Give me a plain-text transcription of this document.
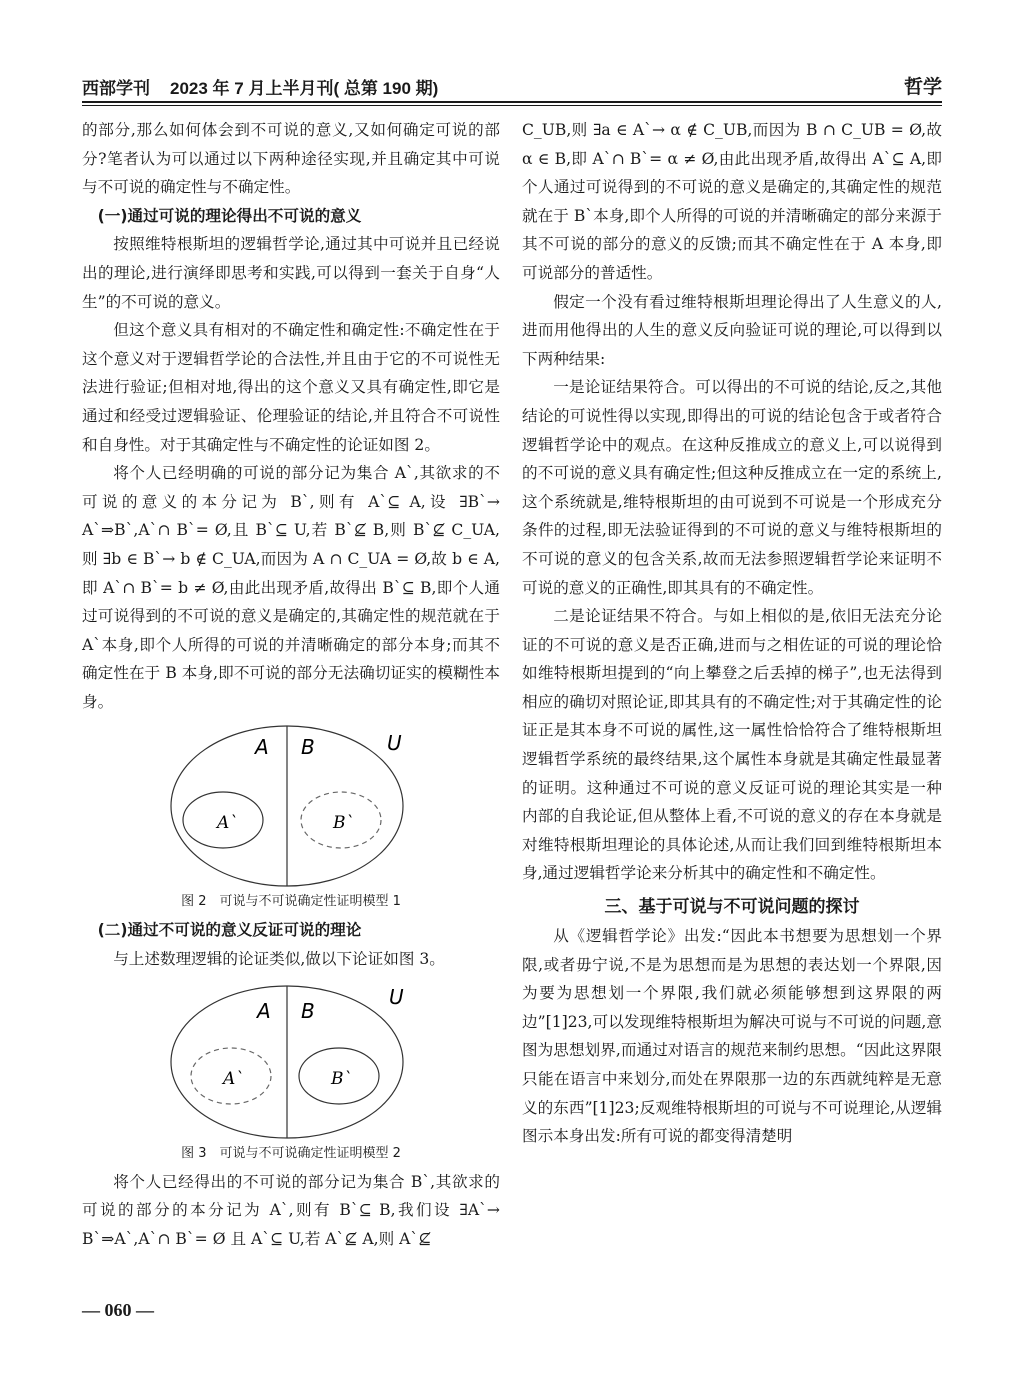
西部学刊 2023 年 7 月上半月刊( 总第 190 期)	哲学

的部分,那么如何体会到不可说的意义,又如何确定可说的部分?笔者认为可以通过以下两种途径实现,并且确定其中可说与不可说的确定性与不确定性。

(一)通过可说的理论得出不可说的意义

按照维特根斯坦的逻辑哲学论,通过其中可说并且已经说出的理论,进行演绎即思考和实践,可以得到一套关于自身“人生”的不可说的意义。

但这个意义具有相对的不确定性和确定性:不确定性在于这个意义对于逻辑哲学论的合法性,并且由于它的不可说性无法进行验证;但相对地,得出的这个意义又具有确定性,即它是通过和经受过逻辑验证、伦理验证的结论,并且符合不可说性和自身性。对于其确定性与不确定性的论证如图 2。

将个人已经明确的可说的部分记为集合 A`,其欲求的不可说的意义的本分记为 B`,则有 A`⊆ A,设 ∃B`→ A`⇒B`,A`∩ B`= Ø,且 B`⊆ U,若 B`⊈ B,则 B`⊈ C_UA,则 ∃b ∈ B`→ b ∉ C_UA,而因为 A ∩ C_UA = Ø,故 b ∈ A,即 A`∩ B`= b ≠ Ø,由此出现矛盾,故得出 B`⊆ B,即个人通过可说得到的不可说的意义是确定的,其确定性的规范就在于 A`本身,即个人所得的可说的并清晰确定的部分本身;而其不确定性在于 B 本身,即不可说的部分无法确切证实的模糊性本身。

A B	U
A`	B`
图 2　可说与不可说确定性证明模型 1
(二)通过不可说的意义反证可说的理论

与上述数理逻辑的论证类似,做以下论证如图 3。

A B
U
A`	B`
图 3　可说与不可说确定性证明模型 2

将个人已经得出的不可说的部分记为集合 B`,其欲求的可说的部分的本分记为 A`,则有 B`⊆ B,我们设 ∃A`→ B`⇒A`,A`∩ B`= Ø 且 A`⊆ U,若 A`⊈ A,则 A`⊈

C_UB,则 ∃a ∈ A`→ α ∉ C_UB,而因为 B ∩ C_UB = Ø,故 α ∈ B,即 A`∩ B`= α ≠ Ø,由此出现矛盾,故得出 A`⊆ A,即个人通过可说得到的不可说的意义是确定的,其确定性的规范就在于 B`本身,即个人所得的可说的并清晰确定的部分来源于其不可说的部分的意义的反馈;而其不确定性在于 A 本身,即可说部分的普适性。

假定一个没有看过维特根斯坦理论得出了人生意义的人,进而用他得出的人生的意义反向验证可说的理论,可以得到以下两种结果:

一是论证结果符合。可以得出的不可说的结论,反之,其他结论的可说性得以实现,即得出的可说的结论包含于或者符合逻辑哲学论中的观点。在这种反推成立的意义上,可以说得到的不可说的意义具有确定性;但这种反推成立在一定的系统上,这个系统就是,维特根斯坦的由可说到不可说是一个形成充分条件的过程,即无法验证得到的不可说的意义与维特根斯坦的不可说的意义的包含关系,故而无法参照逻辑哲学论来证明不可说的意义的正确性,即其具有的不确定性。

二是论证结果不符合。与如上相似的是,依旧无法充分论证的不可说的意义是否正确,进而与之相佐证的可说的理论恰如维特根斯坦提到的“向上攀登之后丢掉的梯子”,也无法得到相应的确切对照论证,即其具有的不确定性;对于其确定性的论证正是其本身不可说的属性,这一属性恰恰符合了维特根斯坦逻辑哲学系统的最终结果,这个属性本身就是其确定性最显著的证明。这种通过不可说的意义反证可说的理论其实是一种内部的自我论证,但从整体上看,不可说的意义的存在本身就是对维特根斯坦理论的具体论述,从而让我们回到维特根斯坦本身,通过逻辑哲学论来分析其中的确定性和不确定性。

三、基于可说与不可说问题的探讨

从《逻辑哲学论》出发:“因此本书想要为思想划一个界限,或者毋宁说,不是为思想而是为思想的表达划一个界限,因为要为思想划一个界限,我们就必须能够想到这界限的两边”[1]23,可以发现维特根斯坦为解决可说与不可说的问题,意图为思想划界,而通过对语言的规范来制约思想。“因此这界限只能在语言中来划分,而处在界限那一边的东西就纯粹是无意义的东西”[1]23;反观维特根斯坦的可说与不可说理论,从逻辑图示本身出发:所有可说的都变得清楚明

— 060 —
